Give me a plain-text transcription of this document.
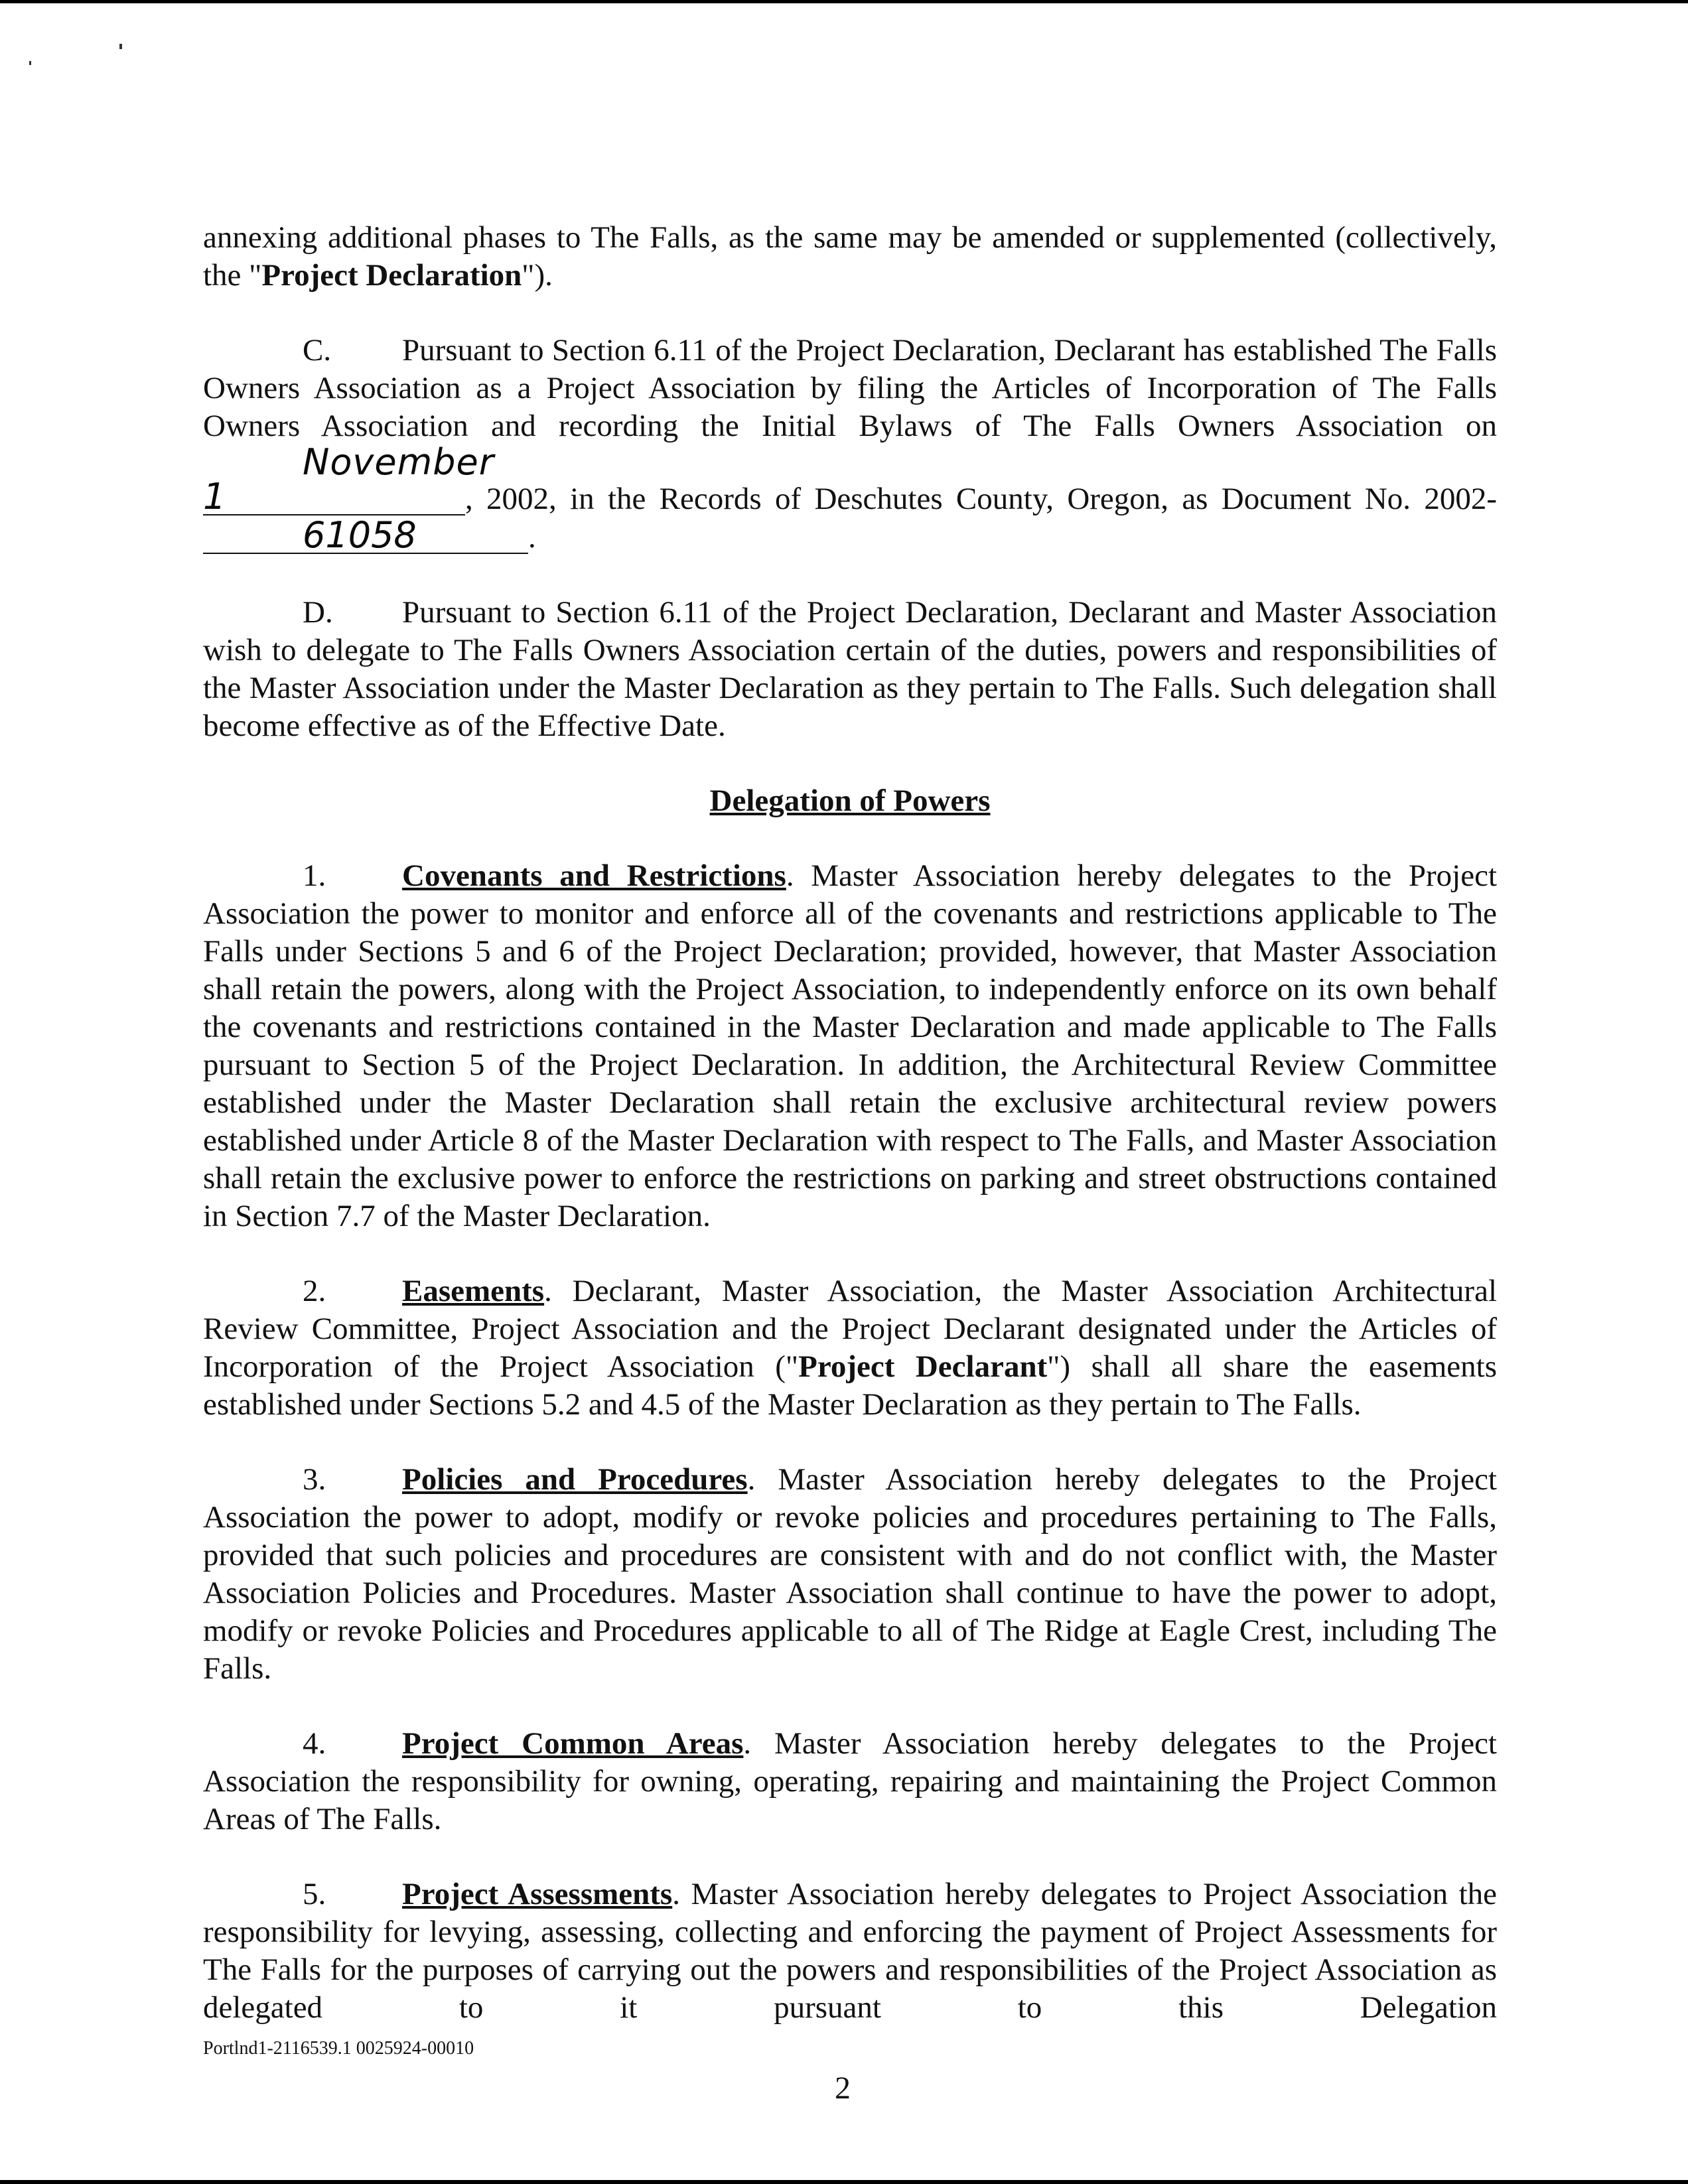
annexing additional phases to The Falls, as the same may be amended or supplemented (collectively, the "Project Declaration").

C. Pursuant to Section 6.11 of the Project Declaration, Declarant has established The Falls Owners Association as a Project Association by filing the Articles of Incorporation of The Falls Owners Association and recording the Initial Bylaws of The Falls Owners Association on November 1	, 2002, in the Records of Deschutes County, Oregon, as Document No. 2002- 61058	.

D. Pursuant to Section 6.11 of the Project Declaration, Declarant and Master Association wish to delegate to The Falls Owners Association certain of the duties, powers and responsibilities of the Master Association under the Master Declaration as they pertain to The Falls. Such delegation shall become effective as of the Effective Date.

Delegation of Powers

1. Covenants and Restrictions. Master Association hereby delegates to the Project Association the power to monitor and enforce all of the covenants and restrictions applicable to The Falls under Sections 5 and 6 of the Project Declaration; provided, however, that Master Association shall retain the powers, along with the Project Association, to independently enforce on its own behalf the covenants and restrictions contained in the Master Declaration and made applicable to The Falls pursuant to Section 5 of the Project Declaration. In addition, the Architectural Review Committee established under the Master Declaration shall retain the exclusive architectural review powers established under Article 8 of the Master Declaration with respect to The Falls, and Master Association shall retain the exclusive power to enforce the restrictions on parking and street obstructions contained in Section 7.7 of the Master Declaration.

2. Easements. Declarant, Master Association, the Master Association Architectural Review Committee, Project Association and the Project Declarant designated under the Articles of Incorporation of the Project Association ("Project Declarant") shall all share the easements established under Sections 5.2 and 4.5 of the Master Declaration as they pertain to The Falls.

3. Policies and Procedures. Master Association hereby delegates to the Project Association the power to adopt, modify or revoke policies and procedures pertaining to The Falls, provided that such policies and procedures are consistent with and do not conflict with, the Master Association Policies and Procedures. Master Association shall continue to have the power to adopt, modify or revoke Policies and Procedures applicable to all of The Ridge at Eagle Crest, including The Falls.

4. Project Common Areas. Master Association hereby delegates to the Project Association the responsibility for owning, operating, repairing and maintaining the Project Common Areas of The Falls.

5. Project Assessments. Master Association hereby delegates to Project Association the responsibility for levying, assessing, collecting and enforcing the payment of Project Assessments for The Falls for the purposes of carrying out the powers and responsibilities of the Project Association as delegated to it pursuant to this Delegation

Portlnd1-2116539.1 0025924-00010
2
